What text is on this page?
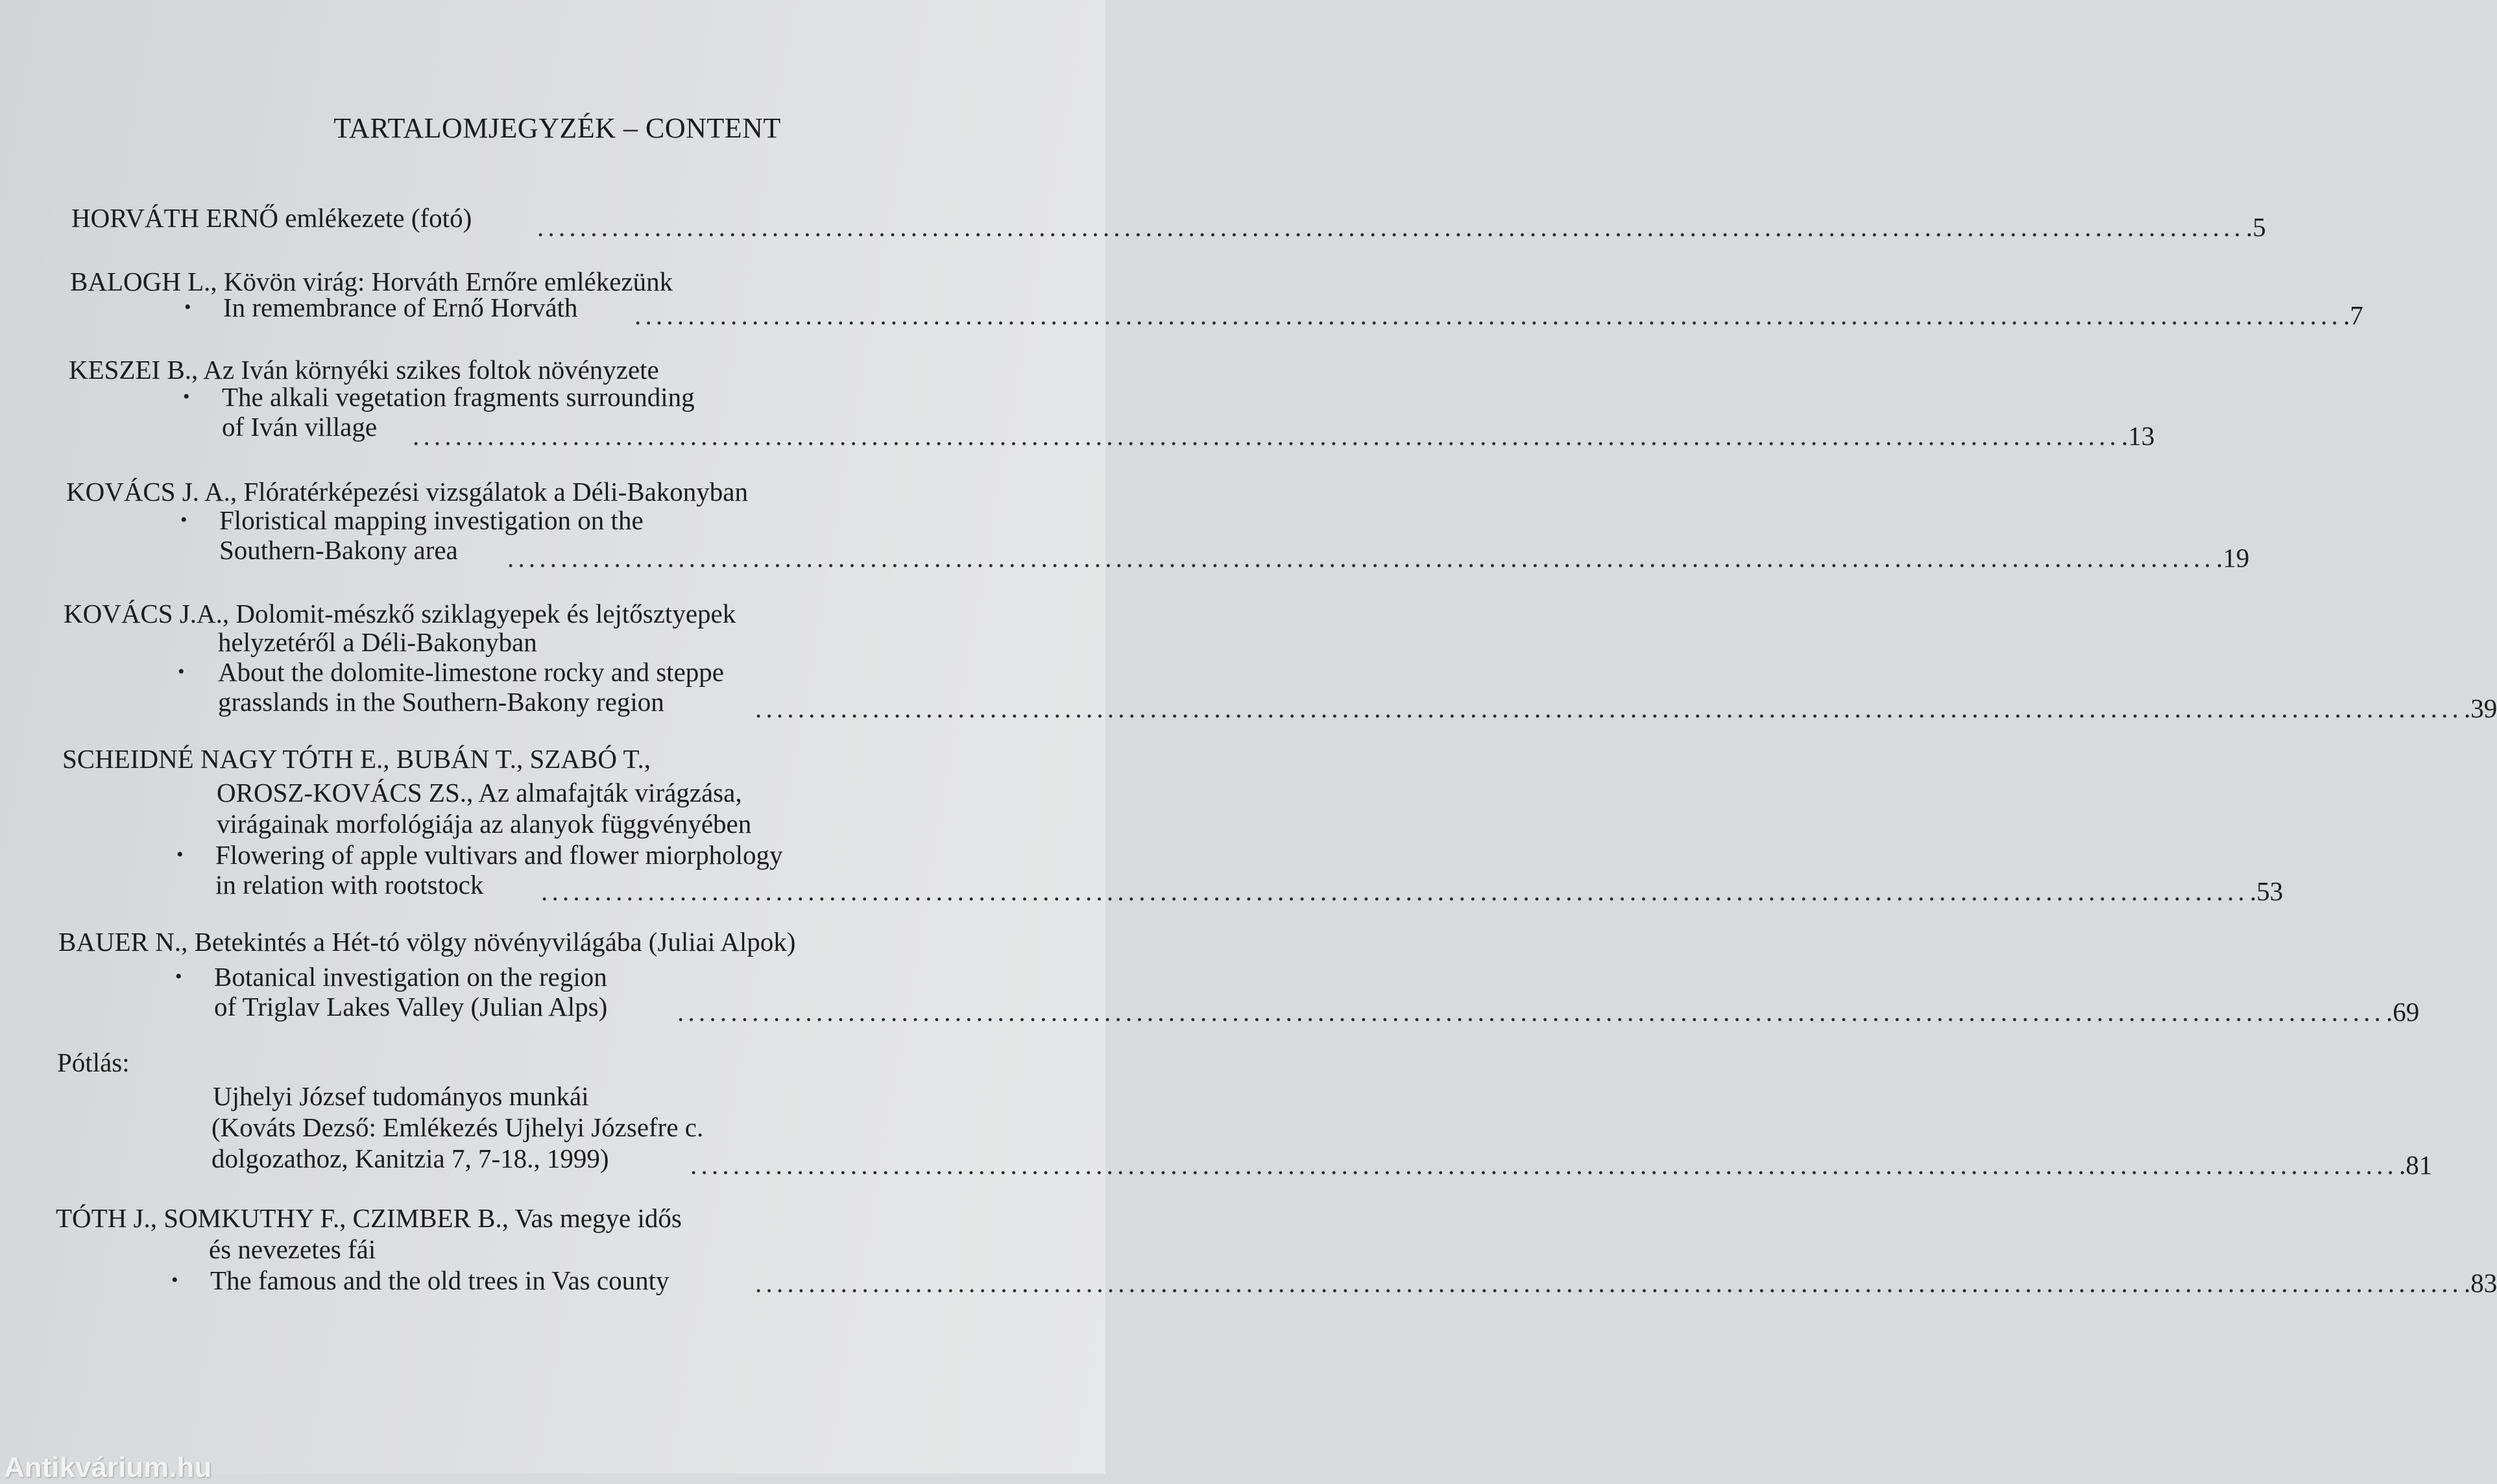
TARTALOMJEGYZÉK – CONTENT
HORVÁTH ERNŐ emlékezete (fotó) ................................................................................................................................................................ .5
BALOGH L., Kövön virág: Horváth Ernőre emlékezünk
• In remembrance of Ernő Horváth ................................................................................................................................................................ .7
KESZEI B., Az Iván környéki szikes foltok növényzete
• The alkali vegetation fragments surrounding
of Iván village ................................................................................................................................................................ .13
KOVÁCS J. A., Flóratérképezési vizsgálatok a Déli-Bakonyban
• Floristical mapping investigation on the
Southern-Bakony area ................................................................................................................................................................ .19
KOVÁCS J.A., Dolomit-mészkő sziklagyepek és lejtősztyepek
helyzetéről a Déli-Bakonyban
• About the dolomite-limestone rocky and steppe
grasslands in the Southern-Bakony region	................................................................................................................................................................ .39
SCHEIDNÉ NAGY TÓTH E., BUBÁN T., SZABÓ T.,
OROSZ-KOVÁCS ZS., Az almafajták virágzása,
virágainak morfológiája az alanyok függvényében
• Flowering of apple vultivars and flower miorphology
in relation with rootstock ................................................................................................................................................................ .53
BAUER N., Betekintés a Hét-tó völgy növényvilágába (Juliai Alpok)
• Botanical investigation on the region
of Triglav Lakes Valley (Julian Alps)	................................................................................................................................................................ .69
Pótlás:
Ujhelyi József tudományos munkái
(Kováts Dezső: Emlékezés Ujhelyi Józsefre c.
dolgozathoz, Kanitzia 7, 7-18., 1999)	................................................................................................................................................................ .81
TÓTH J., SOMKUTHY F., CZIMBER B., Vas megye idős
és nevezetes fái
• The famous and the old trees in Vas county	................................................................................................................................................................ .83
Antikvárium.hu
